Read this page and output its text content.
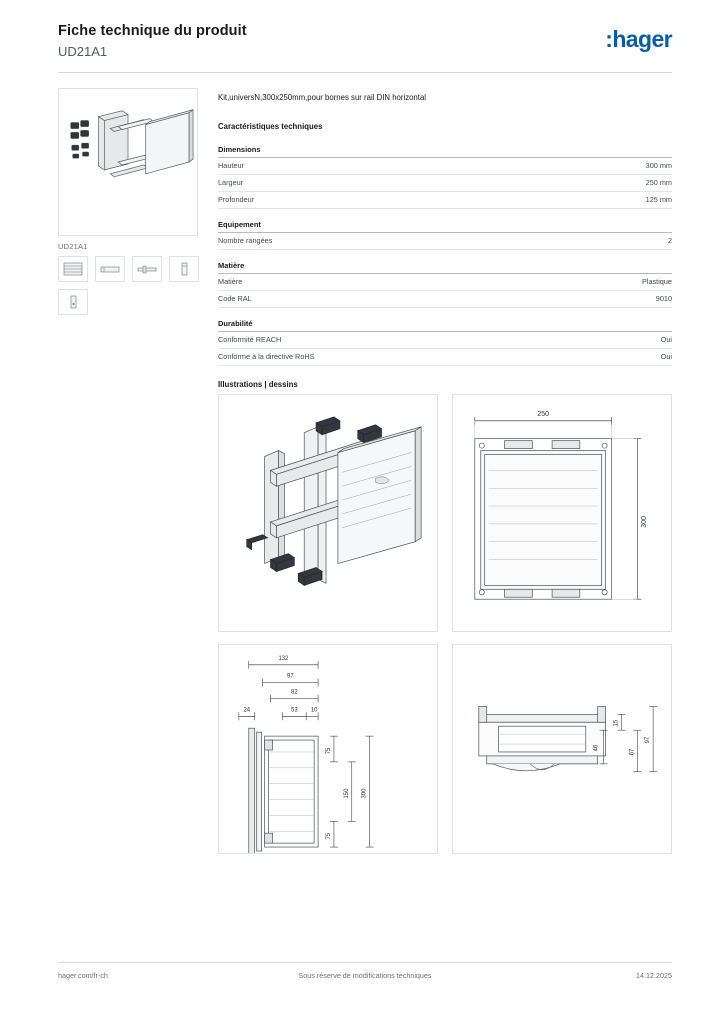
Fiche technique du produit
UD21A1	:hager
UD21A1
Kit,universN,300x250mm,pour bornes sur rail DIN horizontal
Caractéristiques techniques
Dimensions
Hauteur	300 mm
Largeur	250 mm
Profondeur	125 mm
Equipement
Nombre rangées	2
Matière
Matière	Plastique
Code RAL	9010
Durabilité
Conformité REACH	Oui
Conforme à la directive RoHS	Oui
Illustrations | dessins
250
300
132
97
82
53 10
24
75
150
75
300
15
46
67
97
hager.com/fr-ch	Sous réserve de modifications techniques	14.12.2025
